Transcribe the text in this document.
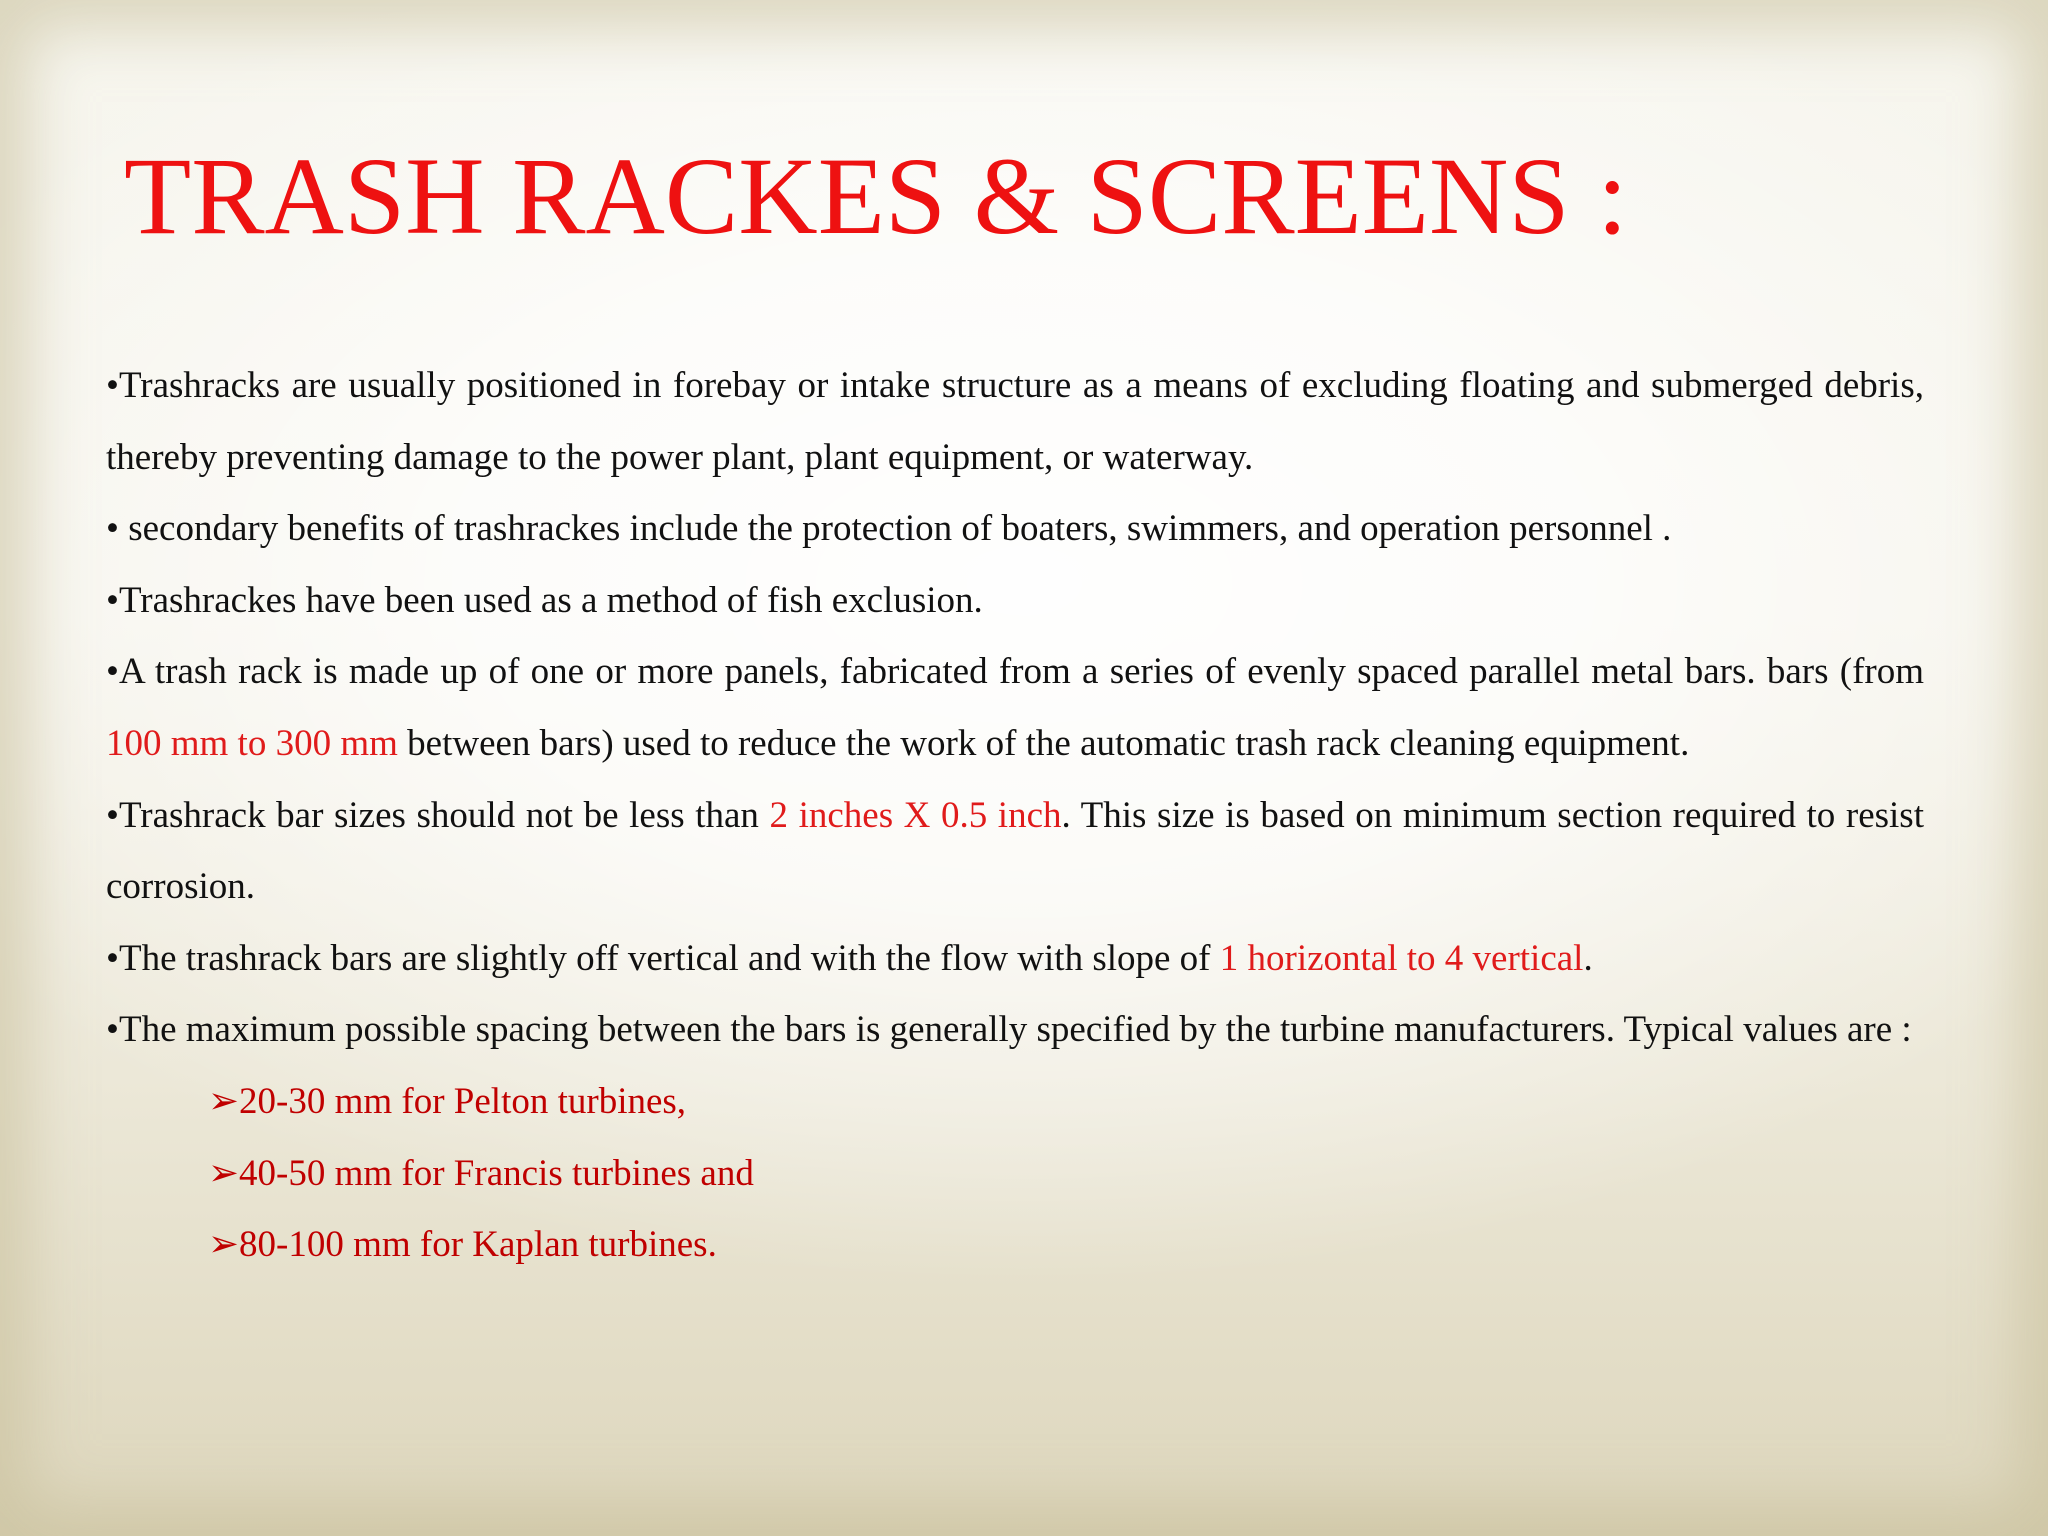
TRASH RACKES & SCREENS :

•Trashracks are usually positioned in forebay or intake structure as a means of excluding floating and submerged debris, thereby preventing damage to the power plant, plant equipment, or waterway.

• secondary benefits of trashrackes include the protection of boaters, swimmers, and operation personnel .

•Trashrackes have been used as a method of fish exclusion.

•A trash rack is made up of one or more panels, fabricated from a series of evenly spaced parallel metal bars. bars (from 100 mm to 300 mm between bars) used to reduce the work of the automatic trash rack cleaning equipment.

•Trashrack bar sizes should not be less than 2 inches X 0.5 inch. This size is based on minimum section required to resist corrosion.

•The trashrack bars are slightly off vertical and with the flow with slope of 1 horizontal to 4 vertical.

•The maximum possible spacing between the bars is generally specified by the turbine manufacturers. Typical values are :

➢20-30 mm for Pelton turbines,
➢40-50 mm for Francis turbines and
➢80-100 mm for Kaplan turbines.
